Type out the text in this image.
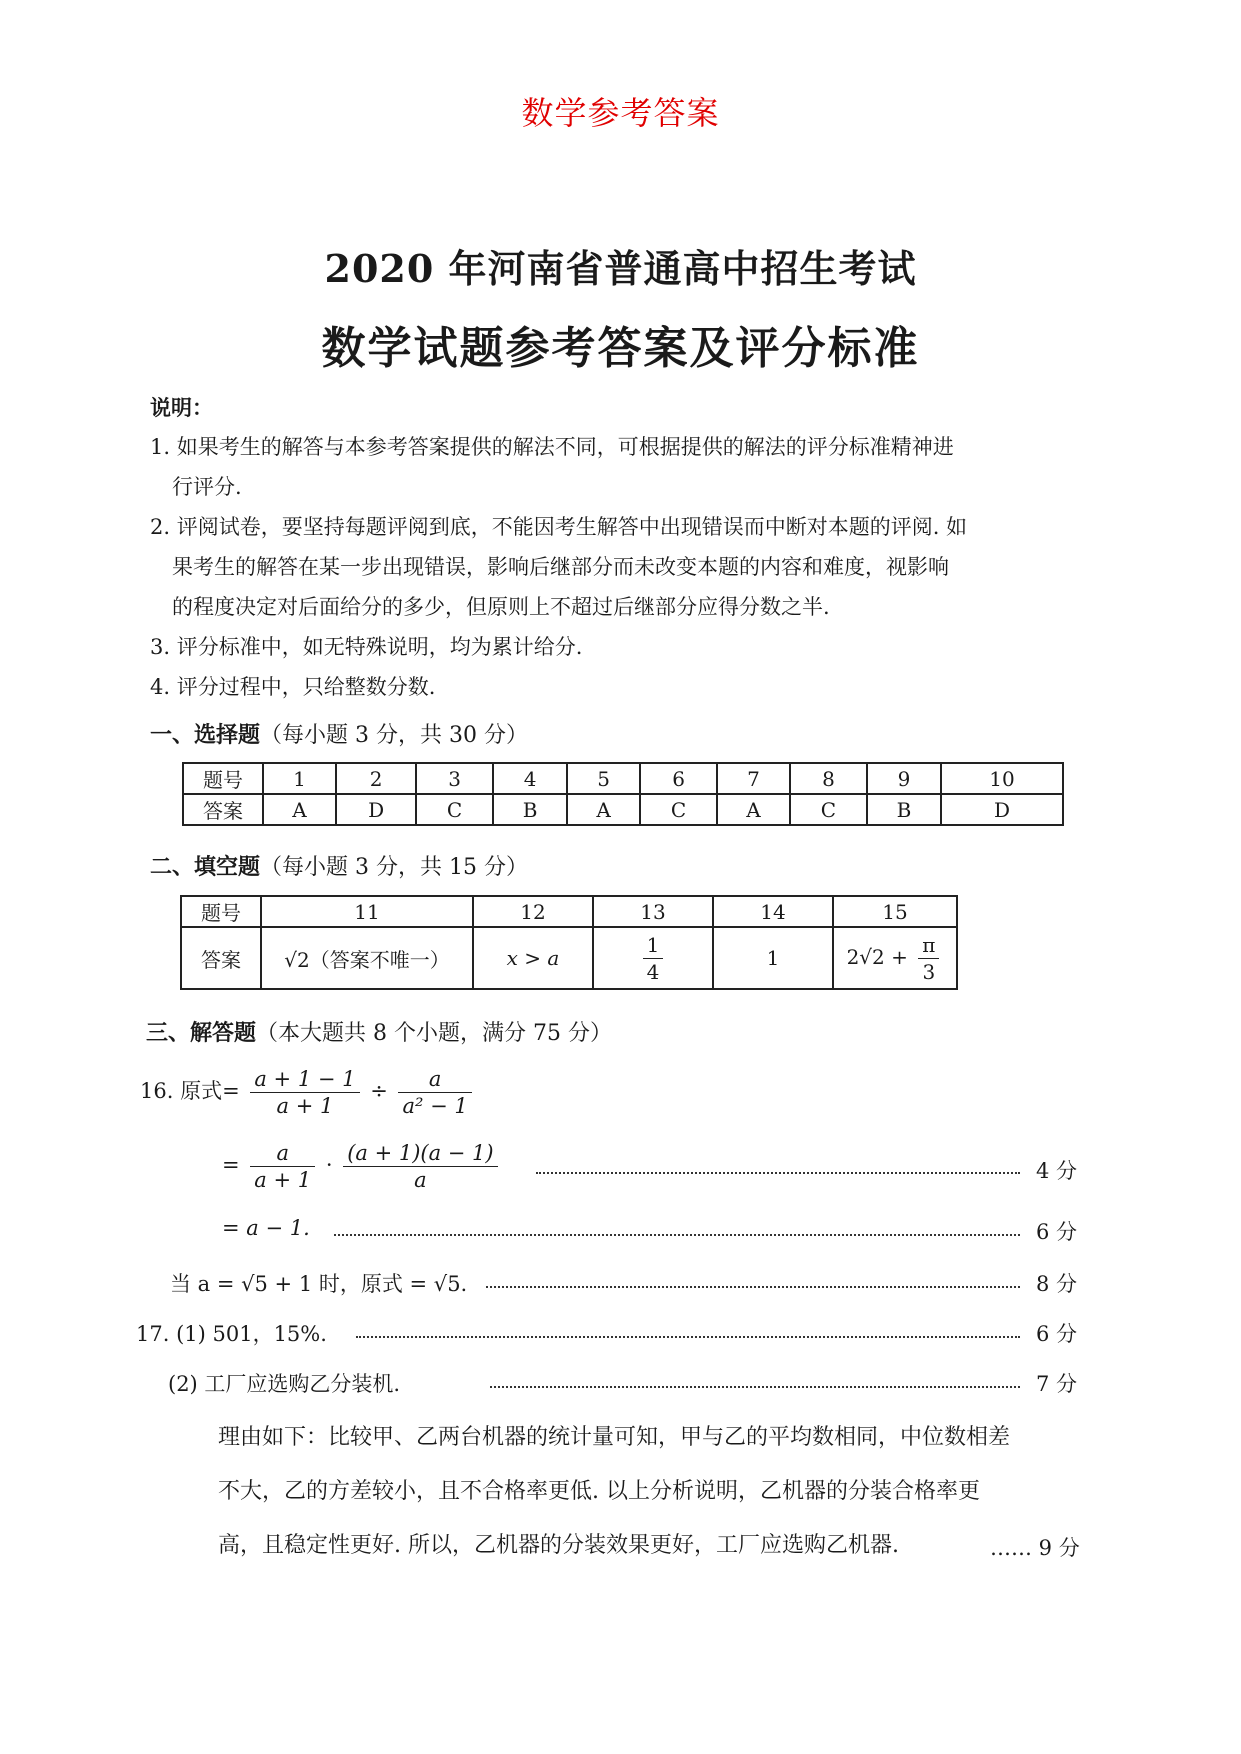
数学参考答案
2020 年河南省普通高中招生考试
数学试题参考答案及评分标准
说明：
1. 如果考生的解答与本参考答案提供的解法不同，可根据提供的解法的评分标准精神进
行评分.
2. 评阅试卷，要坚持每题评阅到底，不能因考生解答中出现错误而中断对本题的评阅. 如
果考生的解答在某一步出现错误，影响后继部分而未改变本题的内容和难度，视影响
的程度决定对后面给分的多少，但原则上不超过后继部分应得分数之半.
3. 评分标准中，如无特殊说明，均为累计给分.
4. 评分过程中，只给整数分数.
一、选择题（每小题 3 分，共 30 分）
题号	1	2	3	4	5	6	7	8	9	10
答案	A	D	C	B	A	C	A	C	B	D
二、填空题（每小题 3 分，共 15 分）
题号	11	12	13	14	15
答案	√2（答案不唯一）	x > a	$\frac{1}{4}$	1	$2√2 + \frac{\pi}{3}$
三、解答题（本大题共 8 个小题，满分 75 分）
16. 原式= $\frac{a + 1 - 1}{a + 1} \div \frac{a}{\text{a² − 1}}$
= $\frac{a}{a + 1} \cdot \frac{(a + 1)(a - 1)}{a}$	4 分
= a − 1.	6 分
当 a = √5 + 1 时，原式 = √5.	8 分
17. (1) 501，15%.	6 分
(2) 工厂应选购乙分装机.	7 分
理由如下：比较甲、乙两台机器的统计量可知，甲与乙的平均数相同，中位数相差
不大，乙的方差较小，且不合格率更低. 以上分析说明，乙机器的分装合格率更
高，且稳定性更好. 所以，乙机器的分装效果更好，工厂应选购乙机器.	…… 9 分
